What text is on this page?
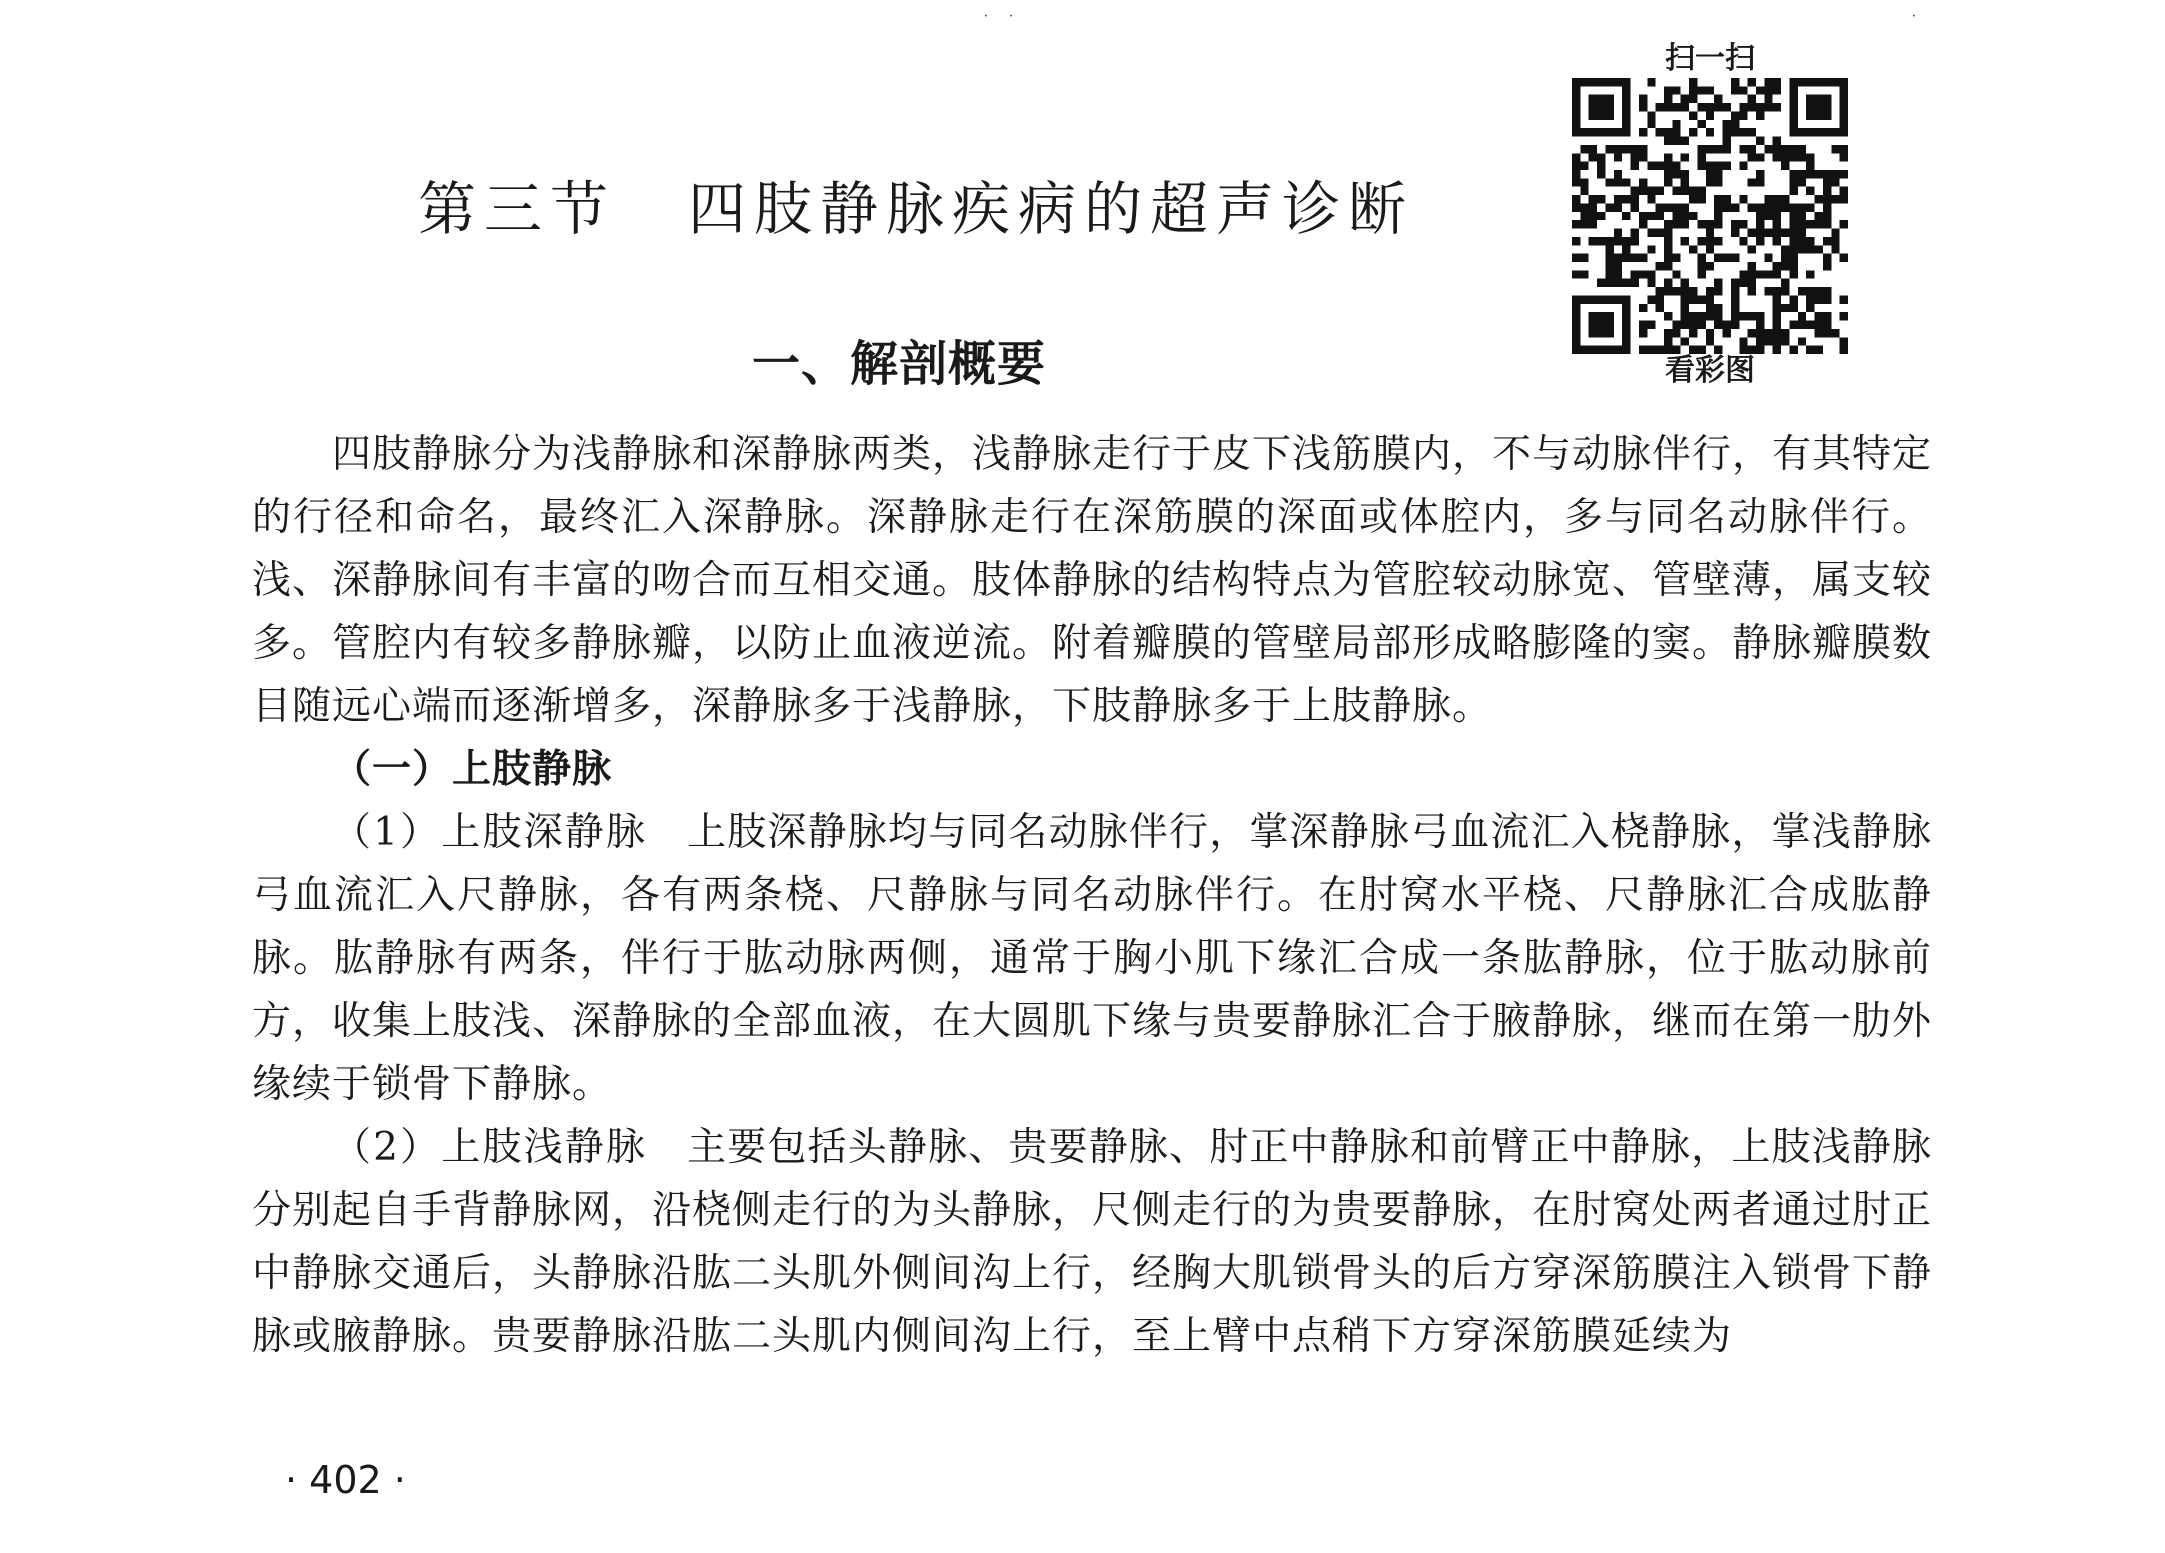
˙ ˙	˙
第三节 四肢静脉疾病的超声诊断
扫一扫
看彩图
一、解剖概要

四肢静脉分为浅静脉和深静脉两类，浅静脉走行于皮下浅筋膜内，不与动脉伴行，有其特定的行径和命名，最终汇入深静脉。深静脉走行在深筋膜的深面或体腔内，多与同名动脉伴行。浅、深静脉间有丰富的吻合而互相交通。肢体静脉的结构特点为管腔较动脉宽、管壁薄，属支较多。管腔内有较多静脉瓣，以防止血液逆流。附着瓣膜的管壁局部形成略膨隆的窦。静脉瓣膜数目随远心端而逐渐增多，深静脉多于浅静脉，下肢静脉多于上肢静脉。

（一）上肢静脉

（1）上肢深静脉 上肢深静脉均与同名动脉伴行，掌深静脉弓血流汇入桡静脉，掌浅静脉弓血流汇入尺静脉，各有两条桡、尺静脉与同名动脉伴行。在肘窝水平桡、尺静脉汇合成肱静脉。肱静脉有两条，伴行于肱动脉两侧，通常于胸小肌下缘汇合成一条肱静脉，位于肱动脉前方，收集上肢浅、深静脉的全部血液，在大圆肌下缘与贵要静脉汇合于腋静脉，继而在第一肋外缘续于锁骨下静脉。

（2）上肢浅静脉 主要包括头静脉、贵要静脉、肘正中静脉和前臂正中静脉，上肢浅静脉分别起自手背静脉网，沿桡侧走行的为头静脉，尺侧走行的为贵要静脉，在肘窝处两者通过肘正中静脉交通后，头静脉沿肱二头肌外侧间沟上行，经胸大肌锁骨头的后方穿深筋膜注入锁骨下静脉或腋静脉。贵要静脉沿肱二头肌内侧间沟上行，至上臂中点稍下方穿深筋膜延续为

· 402 ·
